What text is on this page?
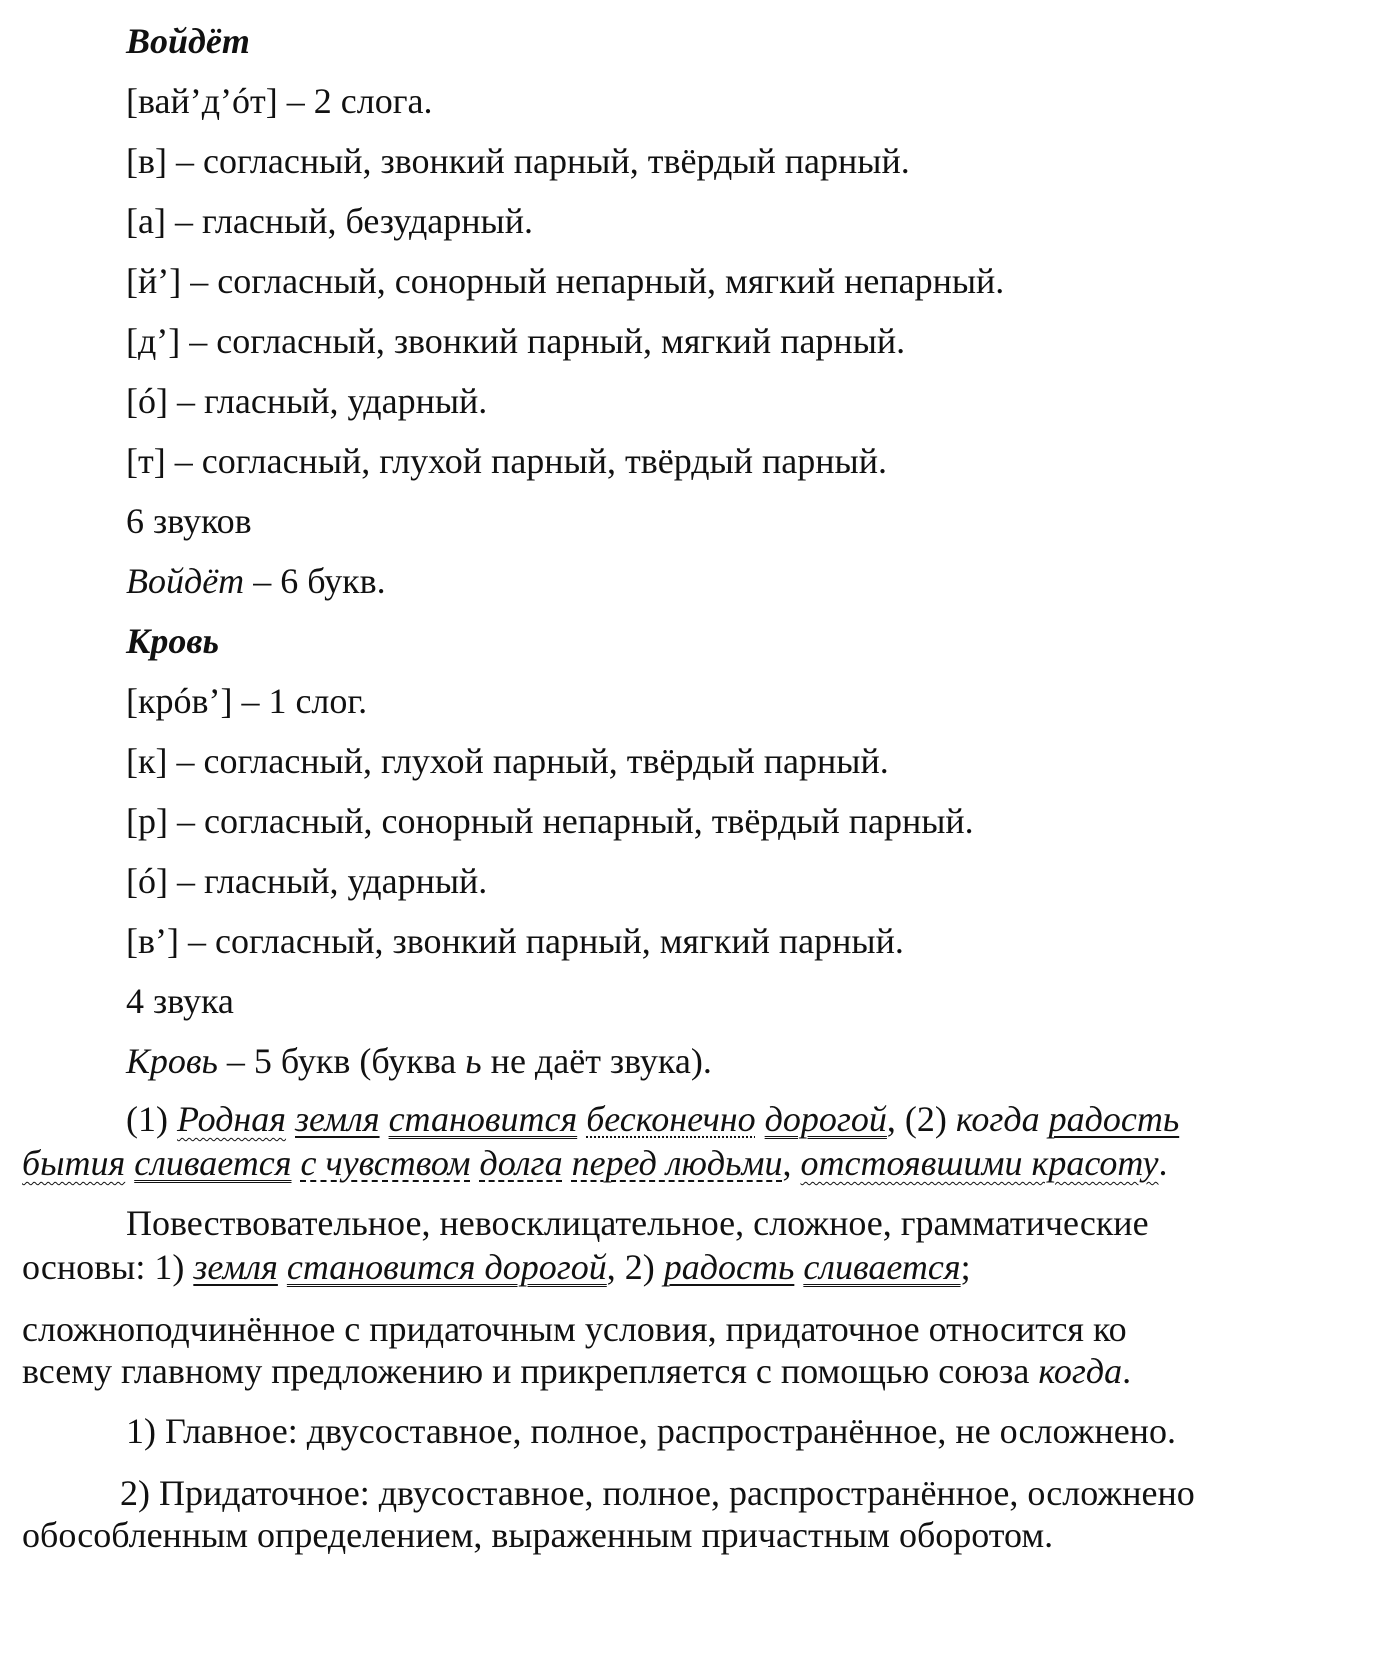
Войдёт

[вай’д’óт] – 2 слога.

[в] – согласный, звонкий парный, твёрдый парный.

[а] – гласный, безударный.

[й’] – согласный, сонорный непарный, мягкий непарный.

[д’] – согласный, звонкий парный, мягкий парный.

[ó] – гласный, ударный.

[т] – согласный, глухой парный, твёрдый парный.

6 звуков

Войдёт – 6 букв.

Кровь

[крóв’] – 1 слог.

[к] – согласный, глухой парный, твёрдый парный.

[р] – согласный, сонорный непарный, твёрдый парный.

[ó] – гласный, ударный.

[в’] – согласный, звонкий парный, мягкий парный.

4 звука

Кровь – 5 букв (буква ь не даёт звука).

(1) Родная земля становится бесконечно дорогой, (2) когда радость

бытия сливается с чувством долга перед людьми, отстоявшими красоту.

Повествовательное, невосклицательное, сложное, грамматические

основы: 1) земля становится дорогой, 2) радость сливается;

сложноподчинённое с придаточным условия, придаточное относится ко

всему главному предложению и прикрепляется с помощью союза когда.

1) Главное: двусоставное, полное, распространённое, не осложнено.

2) Придаточное: двусоставное, полное, распространённое, осложнено

обособленным определением, выраженным причастным оборотом.
